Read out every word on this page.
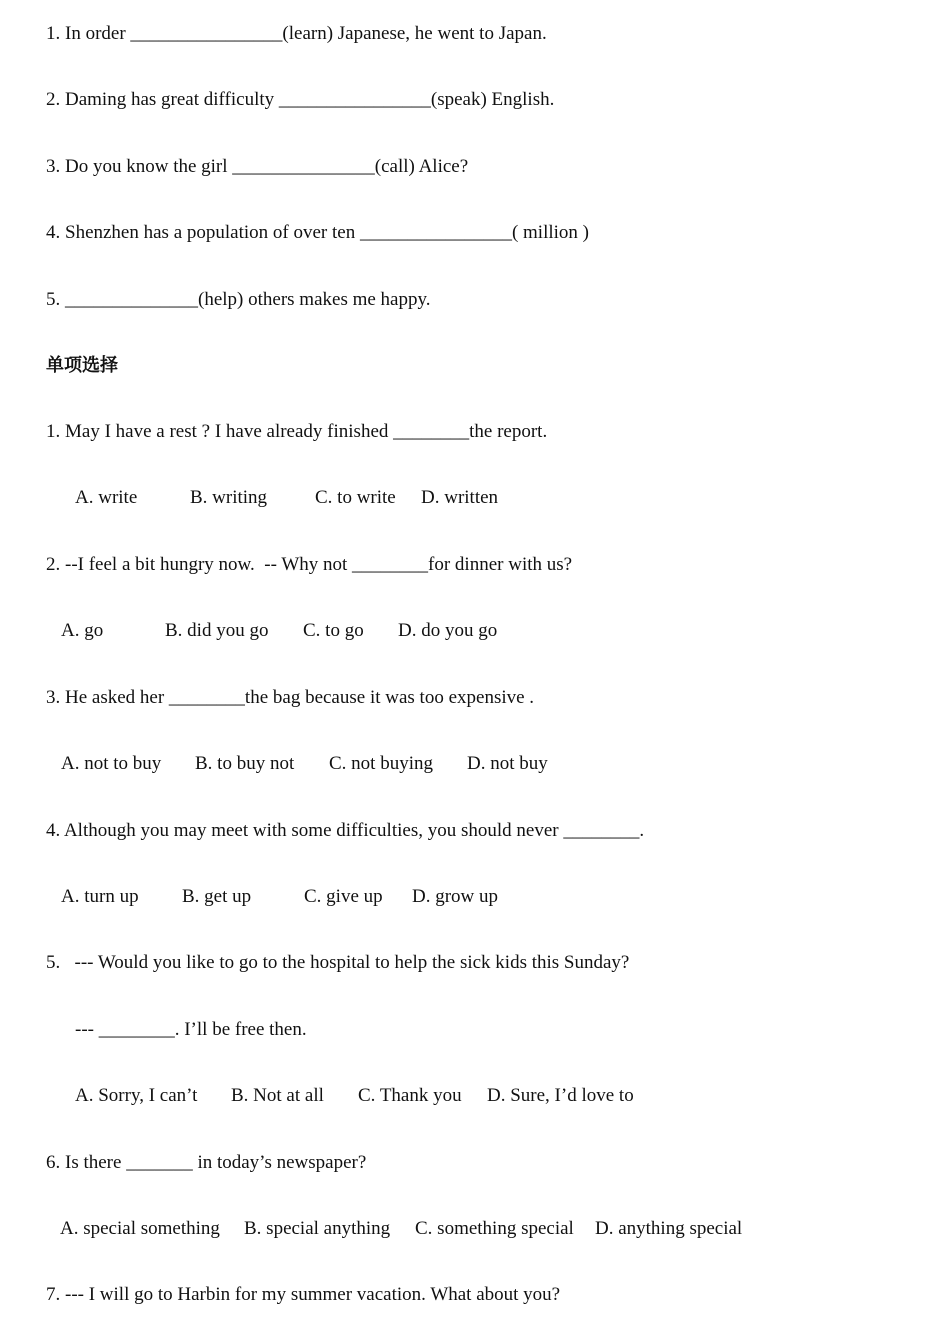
1. In order ________________(learn) Japanese, he went to Japan.
2. Daming has great difficulty ________________(speak) English.
3. Do you know the girl _______________(call) Alice?
4. Shenzhen has a population of over ten ________________( million )
5. ______________(help) others makes me happy.
单项选择
1. May I have a rest ? I have already finished ________the report.
A. write	B. writing	C. to write D. written
2. --I feel a bit hungry now.  -- Why not ________for dinner with us?
A. go	B. did you go C. to go D. do you go
3. He asked her ________the bag because it was too expensive .
A. not to buy B. to buy not C. not buying D. not buy
4. Although you may meet with some difficulties, you should never ________.
A. turn up B. get up	C. give up D. grow up
5.   --- Would you like to go to the hospital to help the sick kids this Sunday?
--- ________. I’ll be free then.
A. Sorry, I can’t B. Not at all C. Thank you D. Sure, I’d love to
6. Is there _______ in today’s newspaper?
A. special something B. special anything C. something special D. anything special
7. --- I will go to Harbin for my summer vacation. What about you?
